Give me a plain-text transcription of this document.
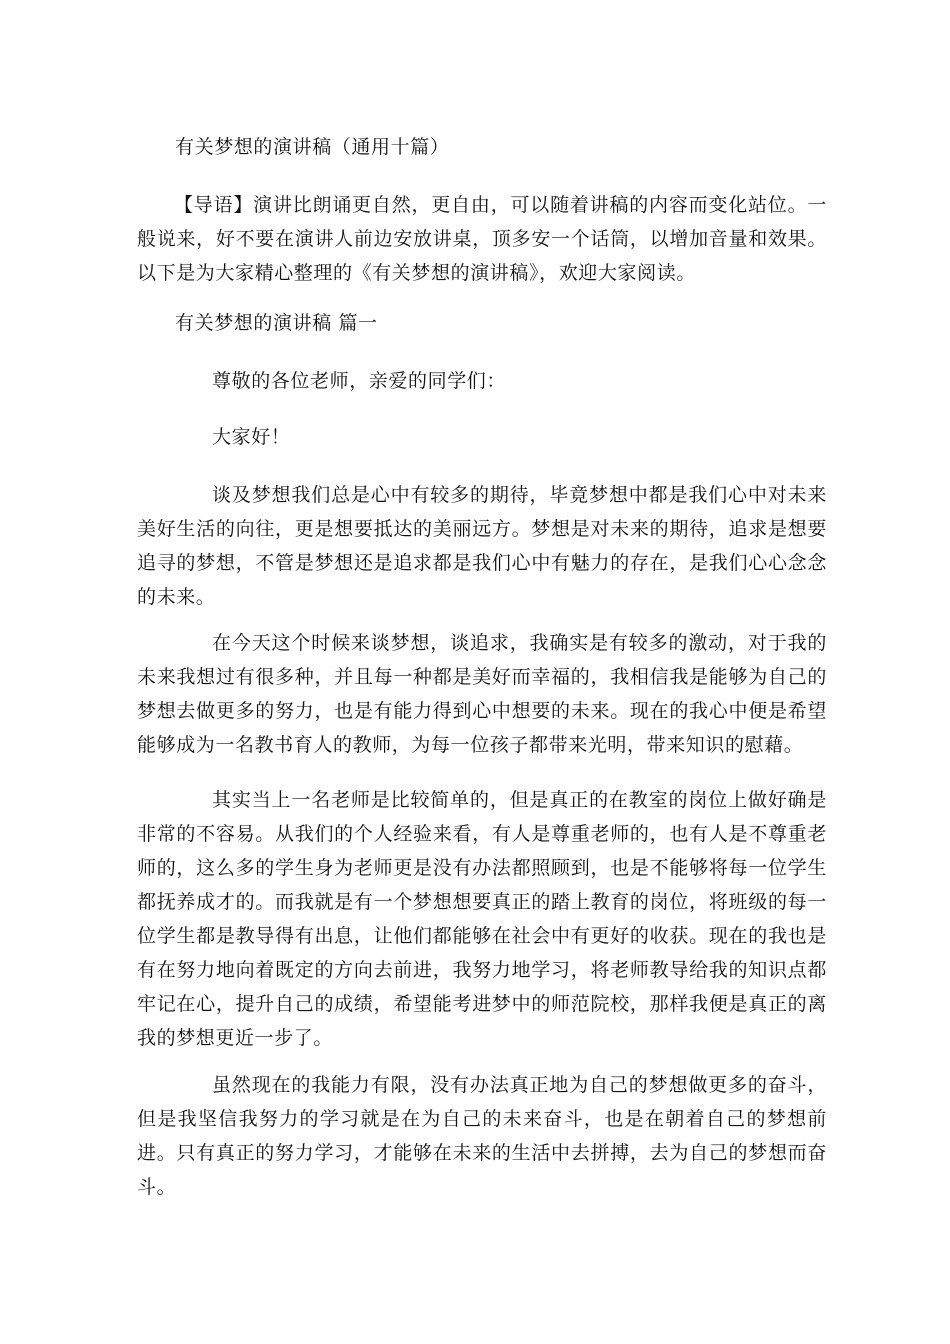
有关梦想的演讲稿（通用十篇）

【导语】演讲比朗诵更自然，更自由，可以随着讲稿的内容而变化站位。一般说来，好不要在演讲人前边安放讲桌，顶多安一个话筒，以增加音量和效果。以下是为大家精心整理的《有关梦想的演讲稿》，欢迎大家阅读。

有关梦想的演讲稿 篇一

尊敬的各位老师，亲爱的同学们：

大家好！

谈及梦想我们总是心中有较多的期待，毕竟梦想中都是我们心中对未来美好生活的向往，更是想要抵达的美丽远方。梦想是对未来的期待，追求是想要追寻的梦想，不管是梦想还是追求都是我们心中有魅力的存在，是我们心心念念的未来。

在今天这个时候来谈梦想，谈追求，我确实是有较多的激动，对于我的未来我想过有很多种，并且每一种都是美好而幸福的，我相信我是能够为自己的梦想去做更多的努力，也是有能力得到心中想要的未来。现在的我心中便是希望能够成为一名教书育人的教师，为每一位孩子都带来光明，带来知识的慰藉。

其实当上一名老师是比较简单的，但是真正的在教室的岗位上做好确是非常的不容易。从我们的个人经验来看，有人是尊重老师的，也有人是不尊重老师的，这么多的学生身为老师更是没有办法都照顾到，也是不能够将每一位学生都抚养成才的。而我就是有一个梦想想要真正的踏上教育的岗位，将班级的每一位学生都是教导得有出息，让他们都能够在社会中有更好的收获。现在的我也是有在努力地向着既定的方向去前进，我努力地学习，将老师教导给我的知识点都牢记在心，提升自己的成绩，希望能考进梦中的师范院校，那样我便是真正的离我的梦想更近一步了。

虽然现在的我能力有限，没有办法真正地为自己的梦想做更多的奋斗，但是我坚信我努力的学习就是在为自己的未来奋斗，也是在朝着自己的梦想前进。只有真正的努力学习，才能够在未来的生活中去拼搏，去为自己的梦想而奋斗。
